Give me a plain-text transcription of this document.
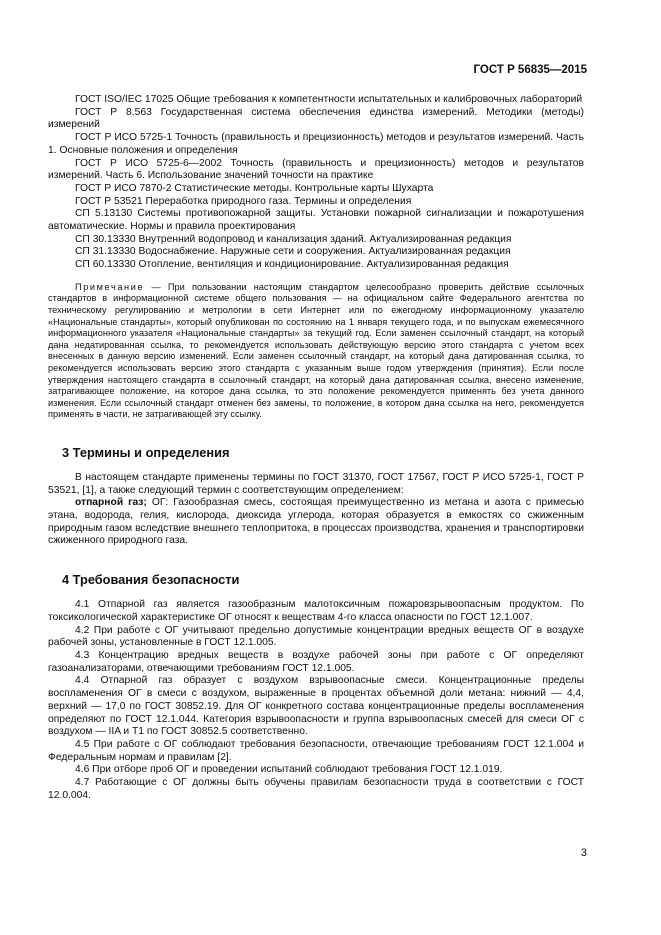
ГОСТ Р 56835—2015

ГОСТ ISO/IEC 17025 Общие требования к компетентности испытательных и калибровочных лабораторий

ГОСТ Р 8.563 Государственная система обеспечения единства измерений. Методики (методы) измерений

ГОСТ Р ИСО 5725-1 Точность (правильность и прецизионность) методов и результатов измерений. Часть 1. Основные положения и определения

ГОСТ Р ИСО 5725-6—2002 Точность (правильность и прецизионность) методов и результатов измерений. Часть 6. Использование значений точности на практике

ГОСТ Р ИСО 7870-2 Статистические методы. Контрольные карты Шухарта

ГОСТ Р 53521 Переработка природного газа. Термины и определения

СП 5.13130 Системы противопожарной защиты. Установки пожарной сигнализации и пожаротушения автоматические. Нормы и правила проектирования

СП 30.13330 Внутренний водопровод и канализация зданий. Актуализированная редакция

СП 31.13330 Водоснабжение. Наружные сети и сооружения. Актуализированная редакция

СП 60.13330 Отопление, вентиляция и кондиционирование. Актуализированная редакция

Примечание — При пользовании настоящим стандартом целесообразно проверить действие ссылочных стандартов в информационной системе общего пользования — на официальном сайте Федерального агентства по техническому регулированию и метрологии в сети Интернет или по ежегодному информационному указателю «Национальные стандарты», который опубликован по состоянию на 1 января текущего года, и по выпускам ежемесячного информационного указателя «Национальные стандарты» за текущий год. Если заменен ссылочный стандарт, на который дана недатированная ссылка, то рекомендуется использовать действующую версию этого стандарта с учетом всех внесенных в данную версию изменений. Если заменен ссылочный стандарт, на который дана датированная ссылка, то рекомендуется использовать версию этого стандарта с указанным выше годом утверждения (принятия). Если после утверждения настоящего стандарта в ссылочный стандарт, на который дана датированная ссылка, внесено изменение, затрагивающее положение, на которое дана ссылка, то это положение рекомендуется применять без учета данного изменения. Если ссылочный стандарт отменен без замены, то положение, в котором дана ссылка на него, рекомендуется применять в части, не затрагивающей эту ссылку.

3 Термины и определения

В настоящем стандарте применены термины по ГОСТ 31370, ГОСТ 17567, ГОСТ Р ИСО 5725-1, ГОСТ Р 53521, [1], а также следующий термин с соответствующим определением:

отпарной газ; ОГ: Газообразная смесь, состоящая преимущественно из метана и азота с примесью этана, водорода, гелия, кислорода, диоксида углерода, которая образуется в емкостях со сжиженным природным газом вследствие внешнего теплопритока, в процессах производства, хранения и транспортировки сжиженного природного газа.

4 Требования безопасности

4.1 Отпарной газ является газообразным малотоксичным пожаровзрывоопасным продуктом. По токсикологической характеристике ОГ относят к веществам 4-го класса опасности по ГОСТ 12.1.007.

4.2 При работе с ОГ учитывают предельно допустимые концентрации вредных веществ ОГ в воздухе рабочей зоны, установленные в ГОСТ 12.1.005.

4.3 Концентрацию вредных веществ в воздухе рабочей зоны при работе с ОГ определяют газоанализаторами, отвечающими требованиям ГОСТ 12.1.005.

4.4 Отпарной газ образует с воздухом взрывоопасные смеси. Концентрационные пределы воспламенения ОГ в смеси с воздухом, выраженные в процентах объемной доли метана: нижний — 4,4, верхний — 17,0 по ГОСТ 30852.19. Для ОГ конкретного состава концентрационные пределы воспламенения определяют по ГОСТ 12.1.044. Категория взрывоопасности и группа взрывоопасных смесей для смеси ОГ с воздухом — IIA и T1 по ГОСТ 30852.5 соответственно.

4.5 При работе с ОГ соблюдают требования безопасности, отвечающие требованиям ГОСТ 12.1.004 и Федеральным нормам и правилам [2].

4.6 При отборе проб ОГ и проведении испытаний соблюдают требования ГОСТ 12.1.019.

4.7 Работающие с ОГ должны быть обучены правилам безопасности труда в соответствии с ГОСТ 12.0.004.

3
